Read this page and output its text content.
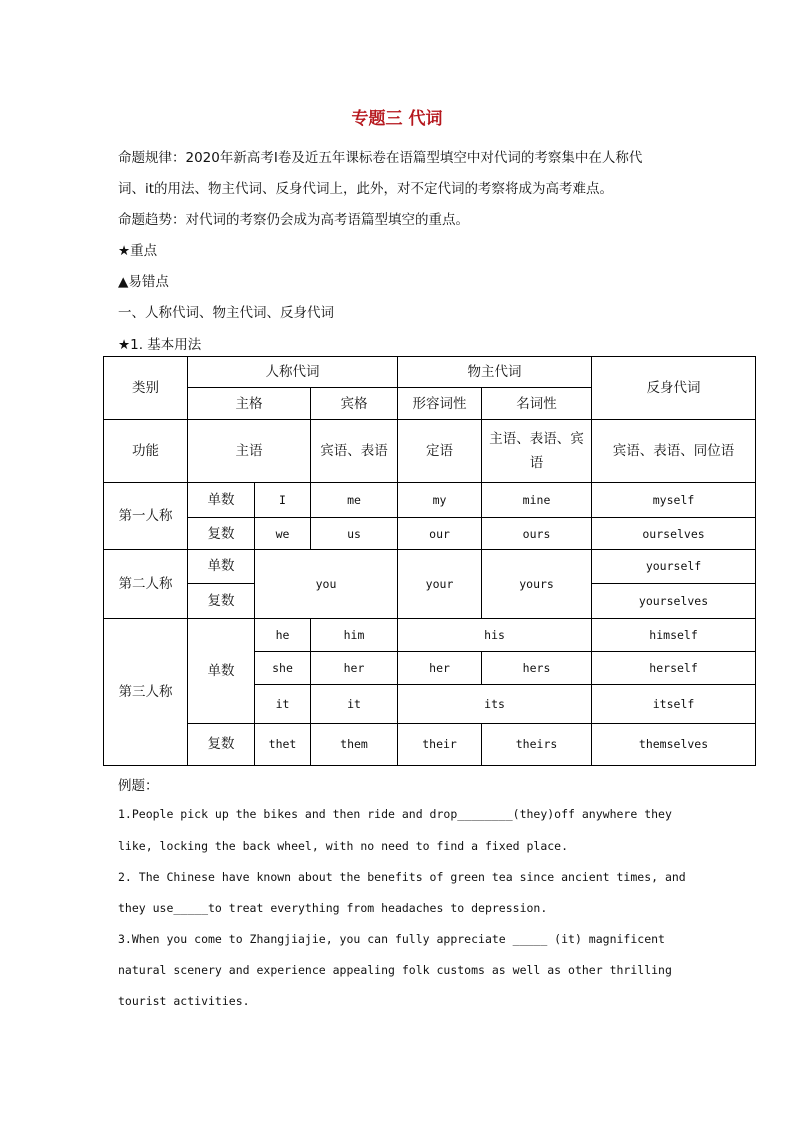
专题三 代词
命题规律：2020年新高考Ⅰ卷及近五年课标卷在语篇型填空中对代词的考察集中在人称代
词、it的用法、物主代词、反身代词上，此外，对不定代词的考察将成为高考难点。
命题趋势：对代词的考察仍会成为高考语篇型填空的重点。
★重点
▲易错点
一、人称代词、物主代词、反身代词
★1. 基本用法
类别	人称代词			物主代词		反身代词
	主格		宾格	形容词性	名词性	
功能	主语		宾语、表语	定语	主语、表语、宾语	宾语、表语、同位语
第一人称	单数	I	me	my	mine	myself
	复数	we	us	our	ours	ourselves
第二人称	单数	you		your	yours	yourself
	复数					yourselves
第三人称	单数	he	him	his		himself
		she	her	her	hers	herself
		it	it	its		itself
	复数	thet	them	their	theirs	themselves
例题：
1.People pick up the bikes and then ride and drop________(they)off anywhere they
like, locking the back wheel, with no need to find a fixed place.
2. The Chinese have known about the benefits of green tea since ancient times, and
they use_____to treat everything from headaches to depression.
3.When you come to Zhangjiajie, you can fully appreciate _____ (it) magnificent
natural scenery and experience appealing folk customs as well as other thrilling
tourist activities.
